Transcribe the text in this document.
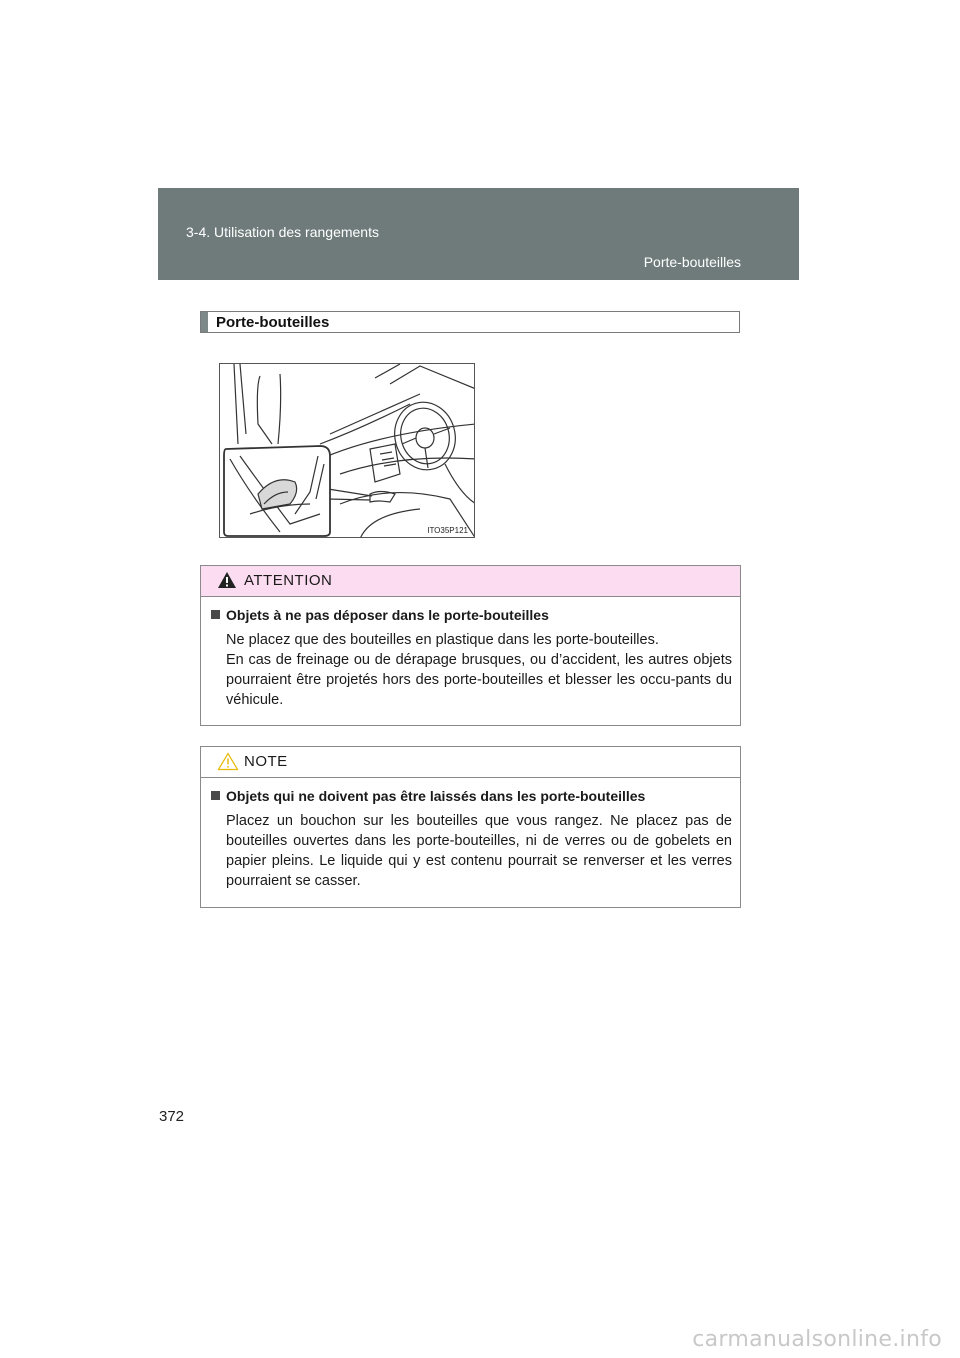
3-4. Utilisation des rangements
Porte-bouteilles
Porte-bouteilles
ITO35P121
ATTENTION
Objets à ne pas déposer dans le porte-bouteilles

Ne placez que des bouteilles en plastique dans les porte-bouteilles.

En cas de freinage ou de dérapage brusques, ou d’accident, les autres objets pourraient être projetés hors des porte-bouteilles et blesser les occu-pants du véhicule.

NOTE
Objets qui ne doivent pas être laissés dans les porte-bouteilles

Placez un bouchon sur les bouteilles que vous rangez. Ne placez pas de bouteilles ouvertes dans les porte-bouteilles, ni de verres ou de gobelets en papier pleins. Le liquide qui y est contenu pourrait se renverser et les verres pourraient se casser.

372
carmanualsonline.info
